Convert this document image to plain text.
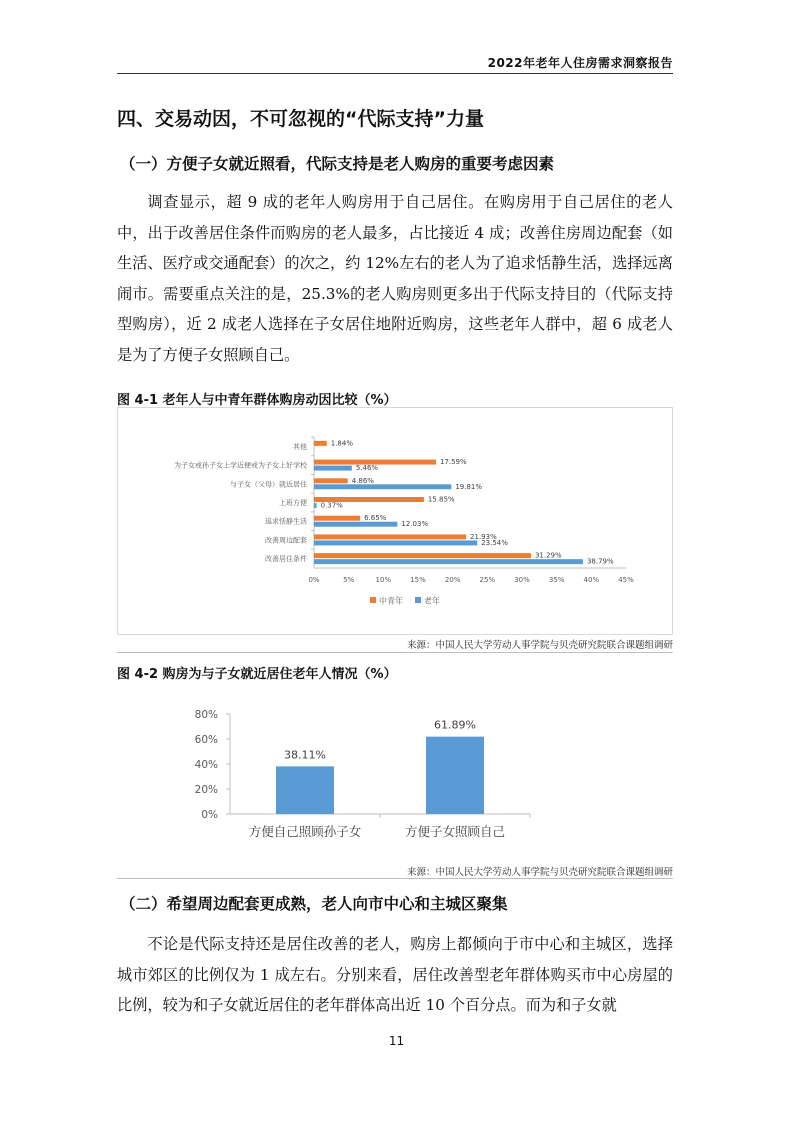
2022年老年人住房需求洞察报告
四、交易动因，不可忽视的“代际支持”力量
（一）方便子女就近照看，代际支持是老人购房的重要考虑因素

调查显示，超 9 成的老年人购房用于自己居住。在购房用于自己居住的老人中，出于改善居住条件而购房的老人最多，占比接近 4 成；改善住房周边配套（如生活、医疗或交通配套）的次之，约 12%左右的老人为了追求恬静生活，选择远离闹市。需要重点关注的是，25.3%的老人购房则更多出于代际支持目的（代际支持型购房），近 2 成老人选择在子女居住地附近购房，这些老年人群中，超 6 成老人是为了方便子女照顾自己。

图 4-1 老年人与中青年群体购房动因比较（%）
1.84%
17.59%
5.46%
4.86%
19.81%
15.85%
0.37%
6.65%
12.03%
21.93%
23.54%
31.29%
38.79%
其他
为子女或孙子女上学近便或为子女上好学校
与子女（父母）就近居住
上班方便
追求恬静生活
改善周边配套
改善居住条件
0%	5%	10%	15%	20%	25%	30%	35%	40%	45%
中青年	老年
来源：中国人民大学劳动人事学院与贝壳研究院联合课题组调研
图 4-2 购房为与子女就近居住老年人情况（%）
38.11%
61.89%
方便自己照顾孙子女	方便子女照顾自己
0%
20%
40%
60%
80%
来源：中国人民大学劳动人事学院与贝壳研究院联合课题组调研
（二）希望周边配套更成熟，老人向市中心和主城区聚集

不论是代际支持还是居住改善的老人，购房上都倾向于市中心和主城区，选择城市郊区的比例仅为 1 成左右。分别来看，居住改善型老年群体购买市中心房屋的比例，较为和子女就近居住的老年群体高出近 10 个百分点。而为和子女就

11
